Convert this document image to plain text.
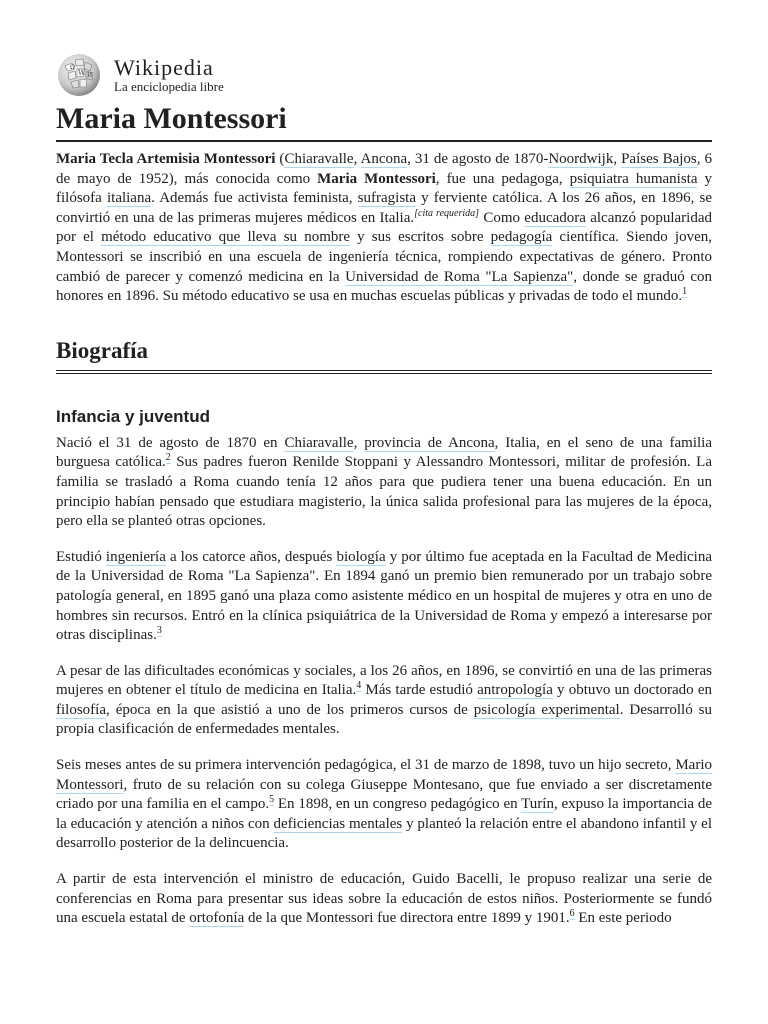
Ω
W И Wikipedia
La enciclopedia libre
Maria Montessori

Maria Tecla Artemisia Montessori (Chiaravalle, Ancona, 31 de agosto de 1870-Noordwijk, Países Bajos, 6 de mayo de 1952), más conocida como Maria Montessori, fue una pedagoga, psiquiatra humanista y filósofa italiana. Además fue activista feminista, sufragista y ferviente católica. A los 26 años, en 1896, se convirtió en una de las primeras mujeres médicos en Italia.[cita requerida] Como educadora alcanzó popularidad por el método educativo que lleva su nombre y sus escritos sobre pedagogía científica. Siendo joven, Montessori se inscribió en una escuela de ingeniería técnica, rompiendo expectativas de género. Pronto cambió de parecer y comenzó medicina en la Universidad de Roma "La Sapienza", donde se graduó con honores en 1896. Su método educativo se usa en muchas escuelas públicas y privadas de todo el mundo.$^1$

Biografía
Infancia y juventud

Nació el 31 de agosto de 1870 en Chiaravalle, provincia de Ancona, Italia, en el seno de una familia burguesa católica.$^2$ Sus padres fueron Renilde Stoppani y Alessandro Montessori, militar de profesión. La familia se trasladó a Roma cuando tenía 12 años para que pudiera tener una buena educación. En un principio habían pensado que estudiara magisterio, la única salida profesional para las mujeres de la época, pero ella se planteó otras opciones.

Estudió ingeniería a los catorce años, después biología y por último fue aceptada en la Facultad de Medicina de la Universidad de Roma "La Sapienza". En 1894 ganó un premio bien remunerado por un trabajo sobre patología general, en 1895 ganó una plaza como asistente médico en un hospital de mujeres y otra en uno de hombres sin recursos. Entró en la clínica psiquiátrica de la Universidad de Roma y empezó a interesarse por otras disciplinas.$^3$

A pesar de las dificultades económicas y sociales, a los 26 años, en 1896, se convirtió en una de las primeras mujeres en obtener el título de medicina en Italia.$^4$ Más tarde estudió antropología y obtuvo un doctorado en filosofía, época en la que asistió a uno de los primeros cursos de psicología experimental. Desarrolló su propia clasificación de enfermedades mentales.

Seis meses antes de su primera intervención pedagógica, el 31 de marzo de 1898, tuvo un hijo secreto, Mario Montessori, fruto de su relación con su colega Giuseppe Montesano, que fue enviado a ser discretamente criado por una familia en el campo.$^5$ En 1898, en un congreso pedagógico en Turín, expuso la importancia de la educación y atención a niños con deficiencias mentales y planteó la relación entre el abandono infantil y el desarrollo posterior de la delincuencia.

A partir de esta intervención el ministro de educación, Guido Bacelli, le propuso realizar una serie de conferencias en Roma para presentar sus ideas sobre la educación de estos niños. Posteriormente se fundó una escuela estatal de ortofonía de la que Montessori fue directora entre 1899 y 1901.$^6$ En este periodo
